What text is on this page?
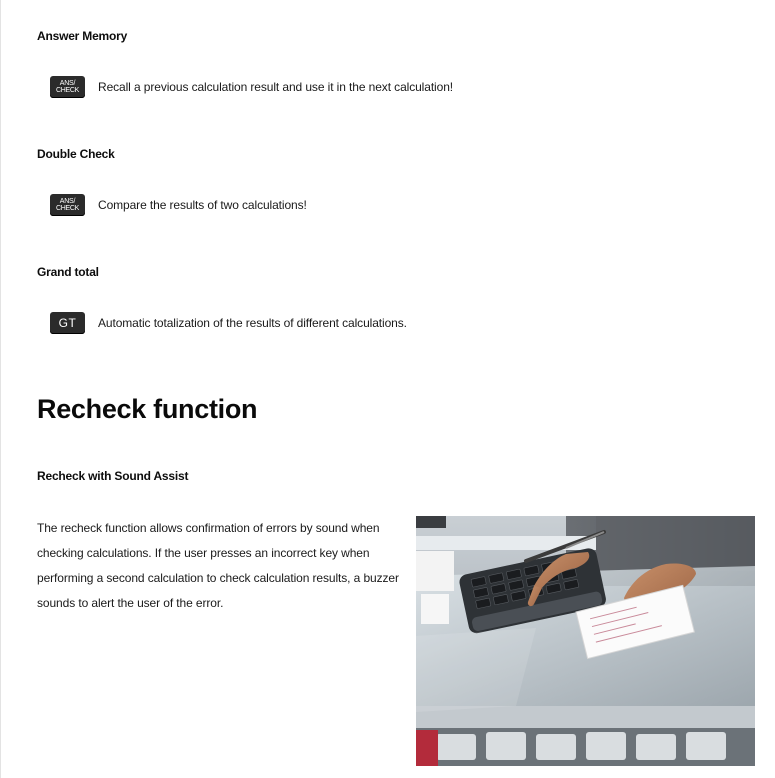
Answer Memory
ANS/
CHECK Recall a previous calculation result and use it in the next calculation!
Double Check
ANS/
CHECK Compare the results of two calculations!
Grand total
GT Automatic totalization of the results of different calculations.
Recheck function
Recheck with Sound Assist

The recheck function allows confirmation of errors by sound when checking calculations. If the user presses an incorrect key when performing a second calculation to check calculation results, a buzzer sounds to alert the user of the error.
